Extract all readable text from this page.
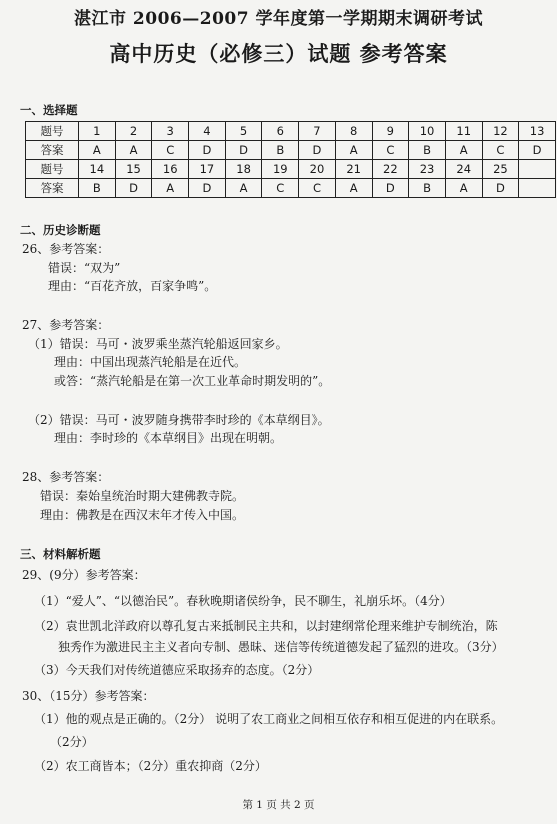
湛江市 2006—2007 学年度第一学期期末调研考试
高中历史（必修三）试题 参考答案
一、选择题
题号	1	2	3	4	5	6	7	8	9	10	11	12	13
答案	A	A	C	D	D	B	D	A	C	B	A	C	D
题号	14	15	16	17	18	19	20	21	22	23	24	25	
答案	B	D	A	D	A	C	C	A	D	B	A	D	
二、历史诊断题
26、参考答案：
错误：“双为”
理由：“百花齐放，百家争鸣”。
27、参考答案：
（1）错误：马可・波罗乘坐蒸汽轮船返回家乡。
理由：中国出现蒸汽轮船是在近代。
或答：“蒸汽轮船是在第一次工业革命时期发明的”。
（2）错误：马可・波罗随身携带李时珍的《本草纲目》。
理由：李时珍的《本草纲目》出现在明朝。
28、参考答案：
错误：秦始皇统治时期大建佛教寺院。
理由：佛教是在西汉末年才传入中国。
三、材料解析题
29、(9分）参考答案：
（1）“爱人”、“以德治民”。春秋晚期诸侯纷争，民不聊生，礼崩乐坏。（4分）
（2）袁世凯北洋政府以尊孔复古来抵制民主共和，以封建纲常伦理来维护专制统治，陈
独秀作为激进民主主义者向专制、愚昧、迷信等传统道德发起了猛烈的进攻。（3分）
（3）今天我们对传统道德应采取扬弃的态度。（2分）
30、（15分）参考答案：
（1）他的观点是正确的。（2分） 说明了农工商业之间相互依存和相互促进的内在联系。
（2分）
（2）农工商皆本；（2分）重农抑商（2分）
第 1 页 共 2 页
